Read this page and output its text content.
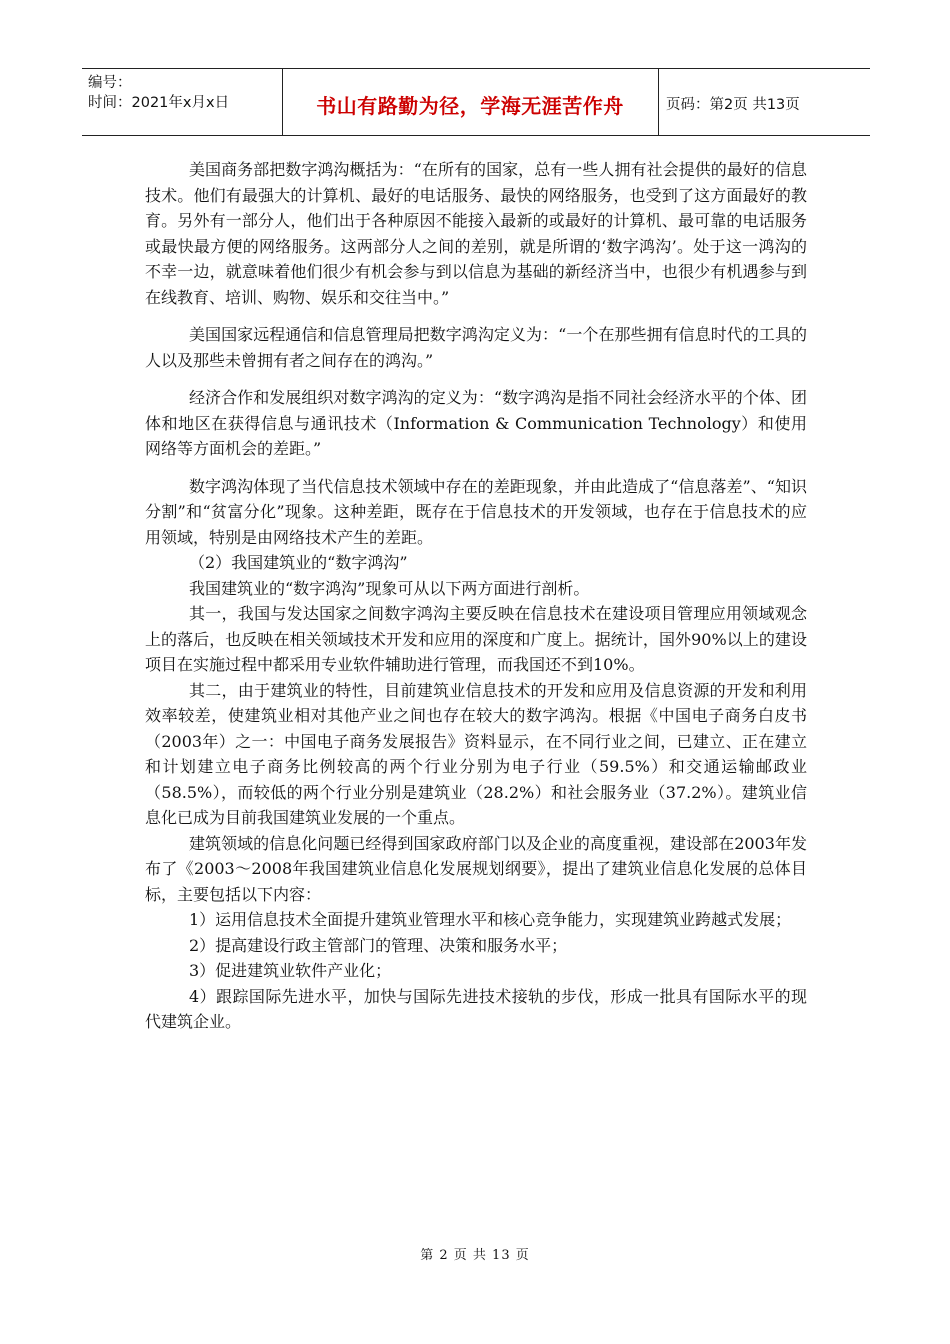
编号：
时间：2021年x月x日	书山有路勤为径，学海无涯苦作舟	页码：第2页 共13页

美国商务部把数字鸿沟概括为：“在所有的国家，总有一些人拥有社会提供的最好的信息技术。他们有最强大的计算机、最好的电话服务、最快的网络服务，也受到了这方面最好的教育。另外有一部分人，他们出于各种原因不能接入最新的或最好的计算机、最可靠的电话服务或最快最方便的网络服务。这两部分人之间的差别，就是所谓的‘数字鸿沟’。处于这一鸿沟的不幸一边，就意味着他们很少有机会参与到以信息为基础的新经济当中，也很少有机遇参与到在线教育、培训、购物、娱乐和交往当中。”

美国国家远程通信和信息管理局把数字鸿沟定义为：“一个在那些拥有信息时代的工具的人以及那些未曾拥有者之间存在的鸿沟。”

经济合作和发展组织对数字鸿沟的定义为：“数字鸿沟是指不同社会经济水平的个体、团体和地区在获得信息与通讯技术（Information & Communication Technology）和使用网络等方面机会的差距。”

数字鸿沟体现了当代信息技术领域中存在的差距现象，并由此造成了“信息落差”、“知识分割”和“贫富分化”现象。这种差距，既存在于信息技术的开发领域，也存在于信息技术的应用领域，特别是由网络技术产生的差距。

（2）我国建筑业的“数字鸿沟”

我国建筑业的“数字鸿沟”现象可从以下两方面进行剖析。

其一，我国与发达国家之间数字鸿沟主要反映在信息技术在建设项目管理应用领域观念上的落后，也反映在相关领域技术开发和应用的深度和广度上。据统计，国外90%以上的建设项目在实施过程中都采用专业软件辅助进行管理，而我国还不到10%。

其二，由于建筑业的特性，目前建筑业信息技术的开发和应用及信息资源的开发和利用效率较差，使建筑业相对其他产业之间也存在较大的数字鸿沟。根据《中国电子商务白皮书（2003年）之一：中国电子商务发展报告》资料显示，在不同行业之间，已建立、正在建立和计划建立电子商务比例较高的两个行业分别为电子行业（59.5%）和交通运输邮政业（58.5%），而较低的两个行业分别是建筑业（28.2%）和社会服务业（37.2%）。建筑业信息化已成为目前我国建筑业发展的一个重点。

建筑领域的信息化问题已经得到国家政府部门以及企业的高度重视，建设部在2003年发布了《2003～2008年我国建筑业信息化发展规划纲要》，提出了建筑业信息化发展的总体目标，主要包括以下内容：

1）运用信息技术全面提升建筑业管理水平和核心竞争能力，实现建筑业跨越式发展；

2）提高建设行政主管部门的管理、决策和服务水平；

3）促进建筑业软件产业化；

4）跟踪国际先进水平，加快与国际先进技术接轨的步伐，形成一批具有国际水平的现代建筑企业。

第 2 页 共 13 页
